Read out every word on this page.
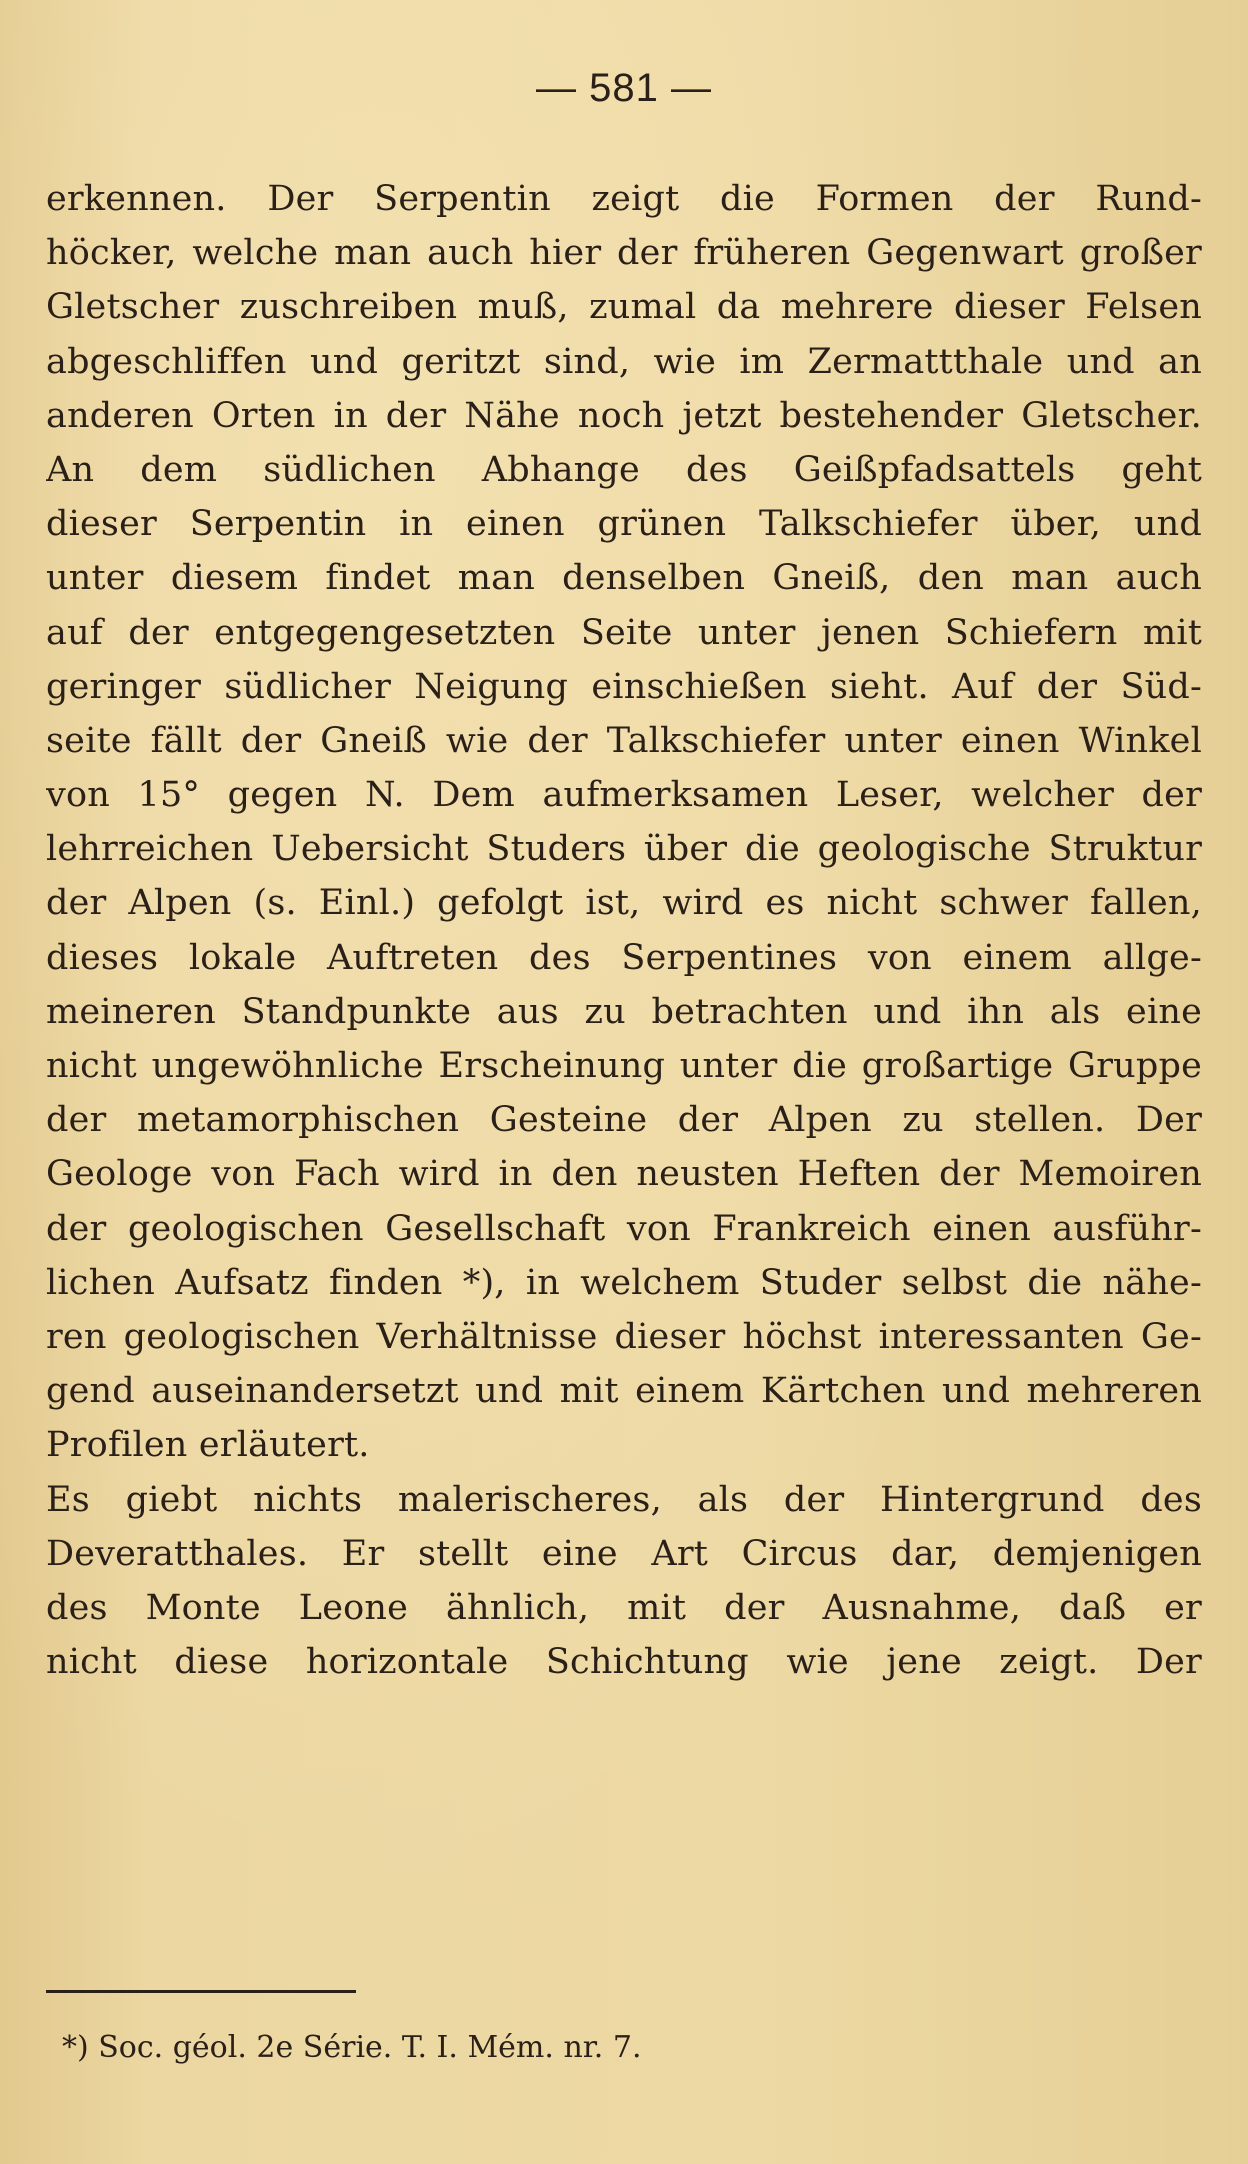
— 581 —
erkennen. Der Serpentin zeigt die Formen der Rund-
höcker, welche man auch hier der früheren Gegenwart großer
Gletscher zuschreiben muß, zumal da mehrere dieser Felsen
abgeschliffen und geritzt sind, wie im Zermattthale und an
anderen Orten in der Nähe noch jetzt bestehender Gletscher.
An dem südlichen Abhange des Geißpfadsattels geht
dieser Serpentin in einen grünen Talkschiefer über, und
unter diesem findet man denselben Gneiß, den man auch
auf der entgegengesetzten Seite unter jenen Schiefern mit
geringer südlicher Neigung einschießen sieht. Auf der Süd-
seite fällt der Gneiß wie der Talkschiefer unter einen Winkel
von 15° gegen N. Dem aufmerksamen Leser, welcher der
lehrreichen Uebersicht Studers über die geologische Struktur
der Alpen (s. Einl.) gefolgt ist, wird es nicht schwer fallen,
dieses lokale Auftreten des Serpentines von einem allge-
meineren Standpunkte aus zu betrachten und ihn als eine
nicht ungewöhnliche Erscheinung unter die großartige Gruppe
der metamorphischen Gesteine der Alpen zu stellen. Der
Geologe von Fach wird in den neusten Heften der Memoiren
der geologischen Gesellschaft von Frankreich einen ausführ-
lichen Aufsatz finden *), in welchem Studer selbst die nähe-
ren geologischen Verhältnisse dieser höchst interessanten Ge-
gend auseinandersetzt und mit einem Kärtchen und mehreren
Profilen erläutert.
Es giebt nichts malerischeres, als der Hintergrund des
Deveratthales. Er stellt eine Art Circus dar, demjenigen
des Monte Leone ähnlich, mit der Ausnahme, daß er
nicht diese horizontale Schichtung wie jene zeigt. Der
*) Soc. géol. 2e Série. T. I. Mém. nr. 7.
